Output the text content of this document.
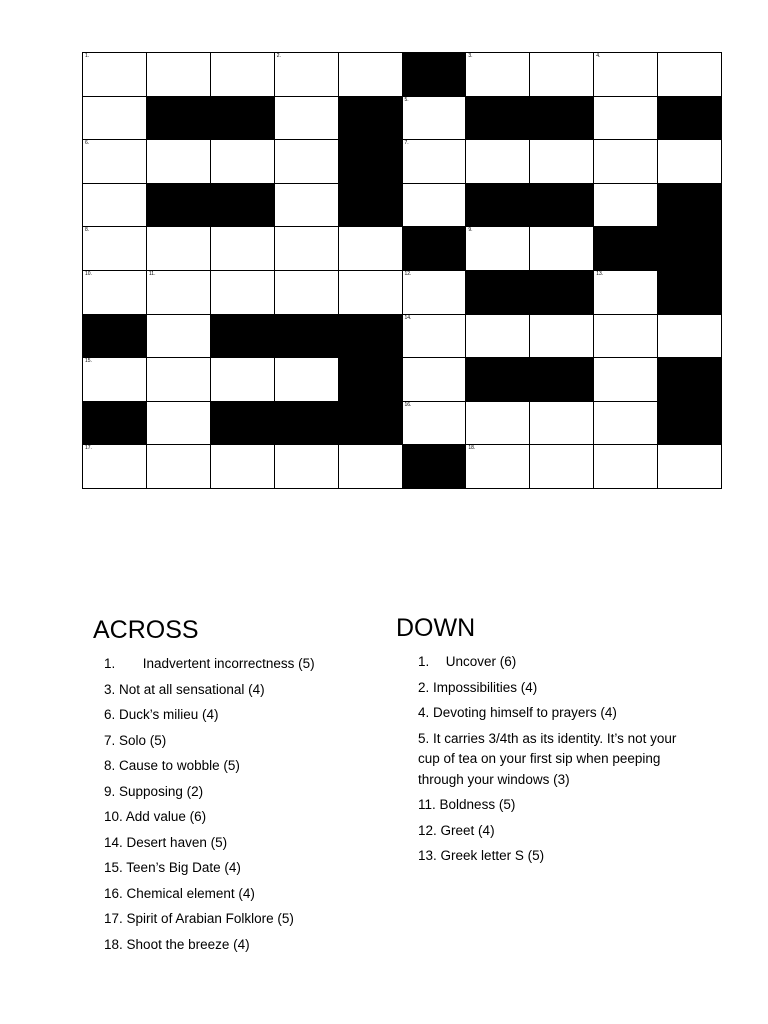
1.	2.	3.	4.
5.
6.	7.
8.	9.
10.	11.	12.	13.
14.
15.
16.
17.	18.
ACROSS
1. Inadvertent incorrectness (5)
3. Not at all sensational (4)
6. Duck’s milieu (4)
7. Solo (5)
8. Cause to wobble (5)
9. Supposing (2)
10. Add value (6)
14. Desert haven (5)
15. Teen’s Big Date (4)
16. Chemical element (4)
17. Spirit of Arabian Folklore (5)
18. Shoot the breeze (4)
DOWN
1. Uncover (6)
2. Impossibilities (4)
4. Devoting himself to prayers (4)
5. It carries 3/4th as its identity. It’s not your cup of tea on your first sip when peeping through your windows (3)
11. Boldness (5)
12. Greet (4)
13. Greek letter S (5)
